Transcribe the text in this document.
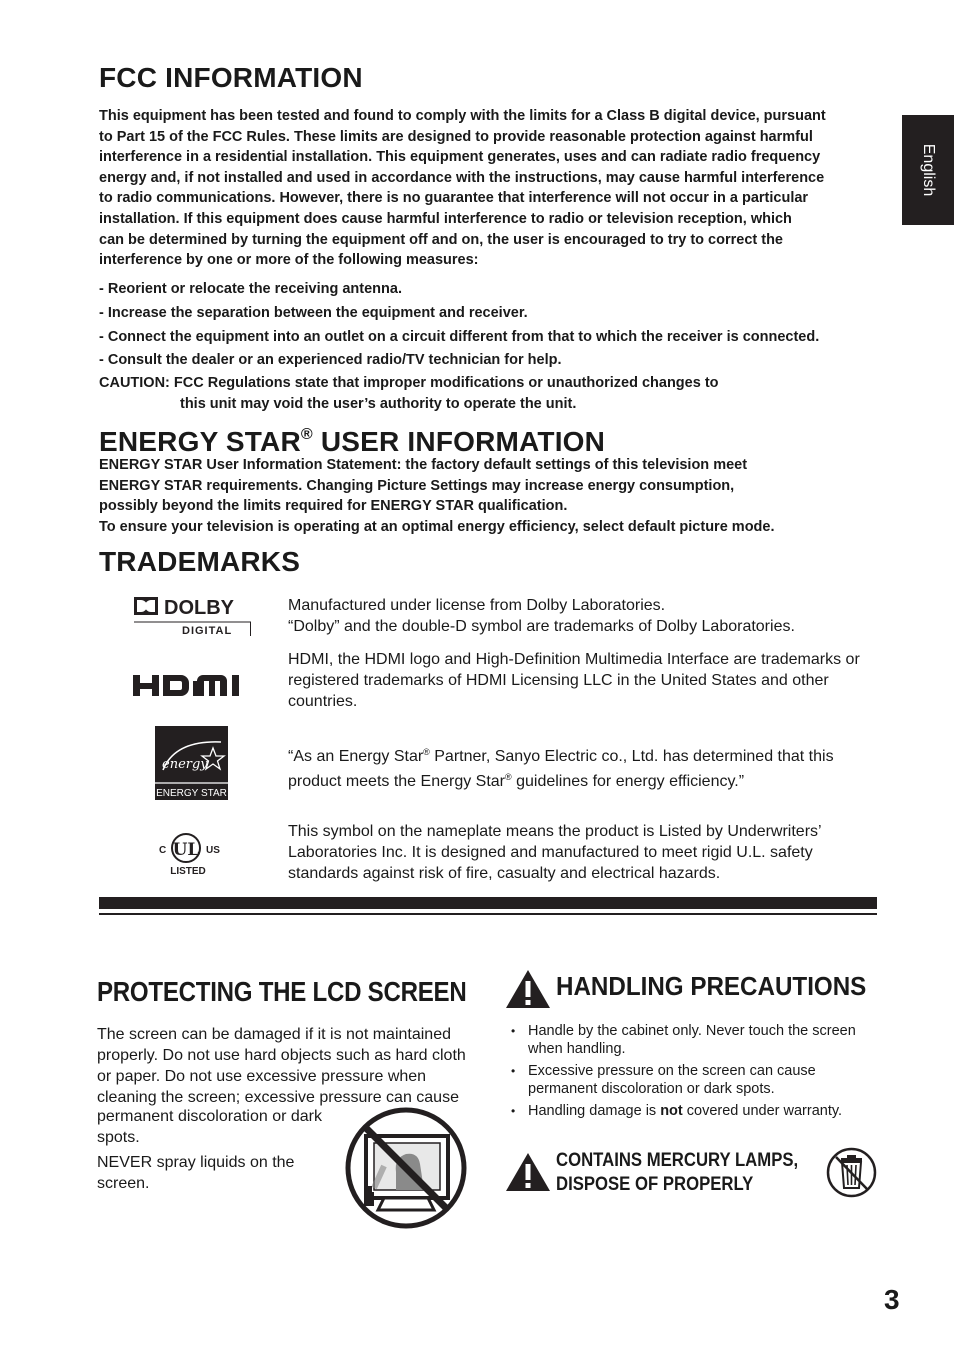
English
FCC INFORMATION

This equipment has been tested and found to comply with the limits for a Class B digital device, pursuant

to Part 15 of the FCC Rules. These limits are designed to provide reasonable protection against harmful

interference in a residential installation. This equipment generates, uses and can radiate radio frequency

energy and, if not installed and used in accordance with the instructions, may cause harmful interference

to radio communications. However, there is no guarantee that interference will not occur in a particular

installation. If this equipment does cause harmful interference to radio or television reception, which

can be determined by turning the equipment off and on, the user is encouraged to try to correct the

interference by one or more of the following measures:

- Reorient or relocate the receiving antenna.
- Increase the separation between the equipment and receiver.
- Connect the equipment into an outlet on a circuit different from that to which the receiver is connected.
- Consult the dealer or an experienced radio/TV technician for help.
CAUTION: FCC Regulations state that improper modifications or unauthorized changes to
this unit may void the user’s authority to operate the unit.
ENERGY STAR® USER INFORMATION

ENERGY STAR User Information Statement: the factory default settings of this television meet

ENERGY STAR requirements. Changing Picture Settings may increase energy consumption,

possibly beyond the limits required for ENERGY STAR qualification.

To ensure your television is operating at an optimal energy efficiency, select default picture mode.

TRADEMARKS
DOLBY
DIGITAL

Manufactured under license from Dolby Laboratories.

“Dolby” and the double-D symbol are trademarks of Dolby Laboratories.

HDMI, the HDMI logo and High-Definition Multimedia Interface are trademarks or registered trademarks of HDMI Licensing LLC in the United States and other countries.
energy
ENERGY STAR
“As an Energy Star® Partner, Sanyo Electric co., Ltd. has determined that this product meets the Energy Star® guidelines for energy efficiency.”
UL
C	US
LISTED
This symbol on the nameplate means the product is Listed by Underwriters’ Laboratories Inc. It is designed and manufactured to meet rigid U.L. safety standards against risk of fire, casualty and electrical hazards.
PROTECTING THE LCD SCREEN
The screen can be damaged if it is not maintained properly. Do not use hard objects such as hard cloth or paper. Do not use excessive pressure when cleaning the screen; excessive pressure can cause
permanent discoloration or dark spots.
NEVER spray liquids on the screen.
HANDLING PRECAUTIONS
• Handle by the cabinet only. Never touch the screen when handling.
• Excessive pressure on the screen can cause permanent discoloration or dark spots.
• Handling damage is not covered under warranty.
CONTAINS MERCURY LAMPS,
DISPOSE OF PROPERLY
3
